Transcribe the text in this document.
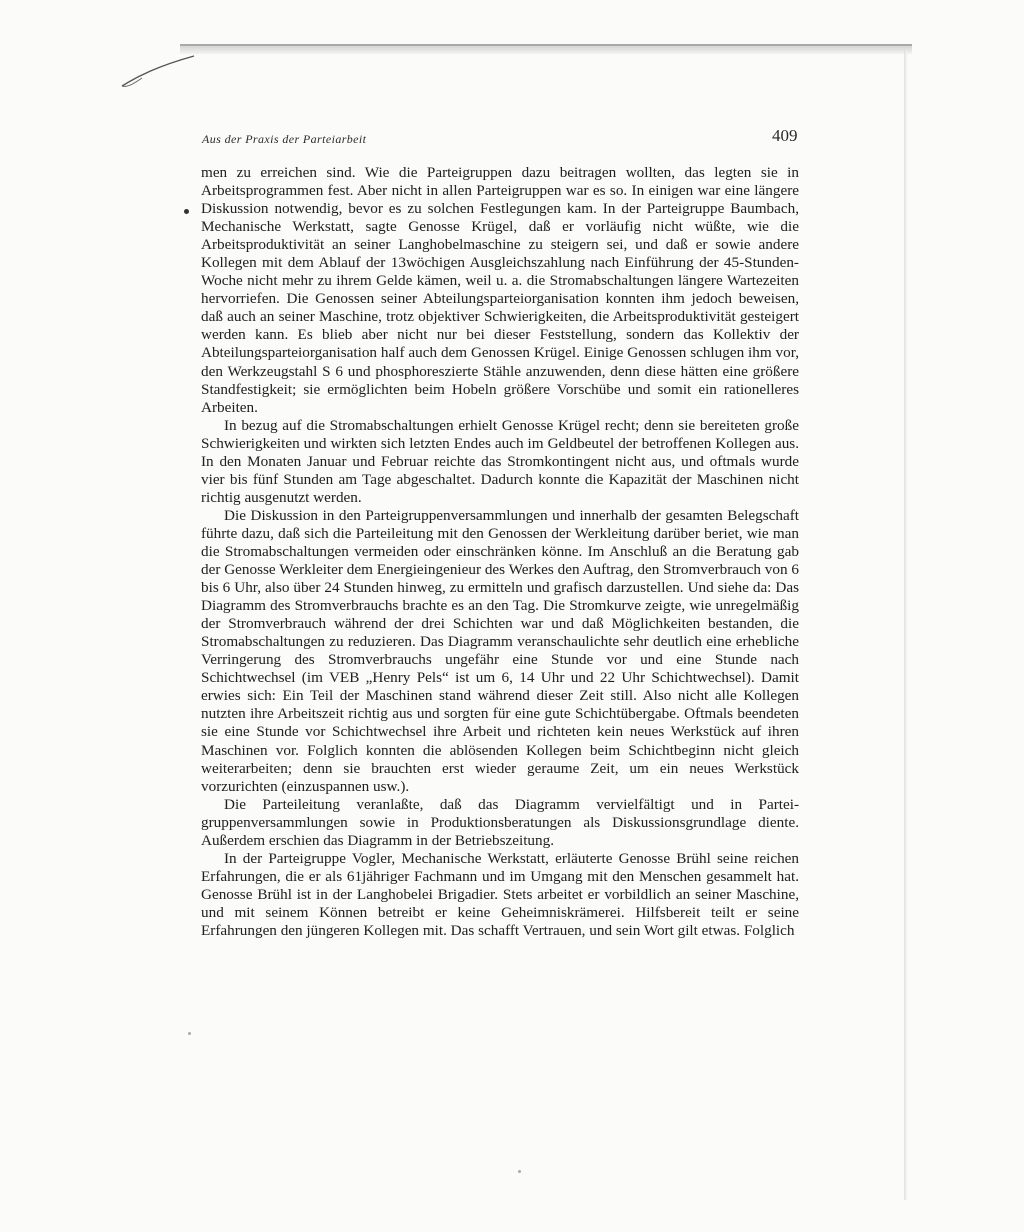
Aus der Praxis der Parteiarbeit	409

men zu erreichen sind. Wie die Parteigruppen dazu beitragen wollten, das legten sie in Arbeitsprogrammen fest. Aber nicht in allen Parteigruppen war es so. In einigen war eine längere Diskussion notwendig, bevor es zu solchen Festlegungen kam. In der Parteigruppe Baumbach, Mechanische Werkstatt, sagte Genosse Krügel, daß er vorläufig nicht wüßte, wie die Arbeitsproduktivität an seiner Langhobelmaschine zu steigern sei, und daß er sowie andere Kollegen mit dem Ablauf der 13wöchigen Ausgleichszahlung nach Einführung der 45-Stunden-Woche nicht mehr zu ihrem Gelde kämen, weil u. a. die Stromabschaltungen längere Wartezeiten hervorriefen. Die Genossen seiner Abteilungsparteiorganisation konnten ihm jedoch beweisen, daß auch an seiner Maschine, trotz objektiver Schwierigkeiten, die Arbeitsproduktivität gesteigert werden kann. Es blieb aber nicht nur bei dieser Feststellung, sondern das Kollektiv der Abteilungsparteiorganisation half auch dem Genossen Krügel. Einige Genossen schlugen ihm vor, den Werkzeugstahl S 6 und phosphoreszierte Stähle anzuwenden, denn diese hätten eine größere Standfestigkeit; sie ermöglichten beim Hobeln größere Vorschübe und somit ein rationelleres Arbeiten.

In bezug auf die Stromabschaltungen erhielt Genosse Krügel recht; denn sie bereiteten große Schwierigkeiten und wirkten sich letzten Endes auch im Geldbeutel der betroffenen Kollegen aus. In den Monaten Januar und Februar reichte das Stromkontingent nicht aus, und oftmals wurde vier bis fünf Stunden am Tage abgeschaltet. Dadurch konnte die Kapazität der Maschinen nicht richtig ausgenutzt werden.

Die Diskussion in den Parteigruppenversammlungen und innerhalb der gesamten Belegschaft führte dazu, daß sich die Parteileitung mit den Genossen der Werkleitung darüber beriet, wie man die Stromabschaltungen vermeiden oder einschränken könne. Im Anschluß an die Beratung gab der Genosse Werkleiter dem Energieingenieur des Werkes den Auftrag, den Stromverbrauch von 6 bis 6 Uhr, also über 24 Stunden hinweg, zu ermitteln und grafisch darzustellen. Und siehe da: Das Diagramm des Stromverbrauchs brachte es an den Tag. Die Stromkurve zeigte, wie unregelmäßig der Stromverbrauch während der drei Schichten war und daß Möglichkeiten bestanden, die Stromabschaltungen zu reduzieren. Das Diagramm veranschaulichte sehr deutlich eine erhebliche Verringerung des Stromverbrauchs ungefähr eine Stunde vor und eine Stunde nach Schichtwechsel (im VEB „Henry Pels“ ist um 6, 14 Uhr und 22 Uhr Schichtwechsel). Damit erwies sich: Ein Teil der Maschinen stand während dieser Zeit still. Also nicht alle Kollegen nutzten ihre Arbeitszeit richtig aus und sorgten für eine gute Schichtübergabe. Oftmals beendeten sie eine Stunde vor Schichtwechsel ihre Arbeit und richteten kein neues Werkstück auf ihren Maschinen vor. Folglich konnten die ablösenden Kollegen beim Schichtbeginn nicht gleich weiterarbeiten; denn sie brauchten erst wieder geraume Zeit, um ein neues Werkstück vorzurichten (einzuspannen usw.).

Die Parteileitung veranlaßte, daß das Diagramm vervielfältigt und in Parteigruppenversammlungen sowie in Produktionsberatungen als Diskussionsgrundlage diente. Außerdem erschien das Diagramm in der Betriebszeitung.

In der Parteigruppe Vogler, Mechanische Werkstatt, erläuterte Genosse Brühl seine reichen Erfahrungen, die er als 61jähriger Fachmann und im Umgang mit den Menschen gesammelt hat. Genosse Brühl ist in der Langhobelei Brigadier. Stets arbeitet er vorbildlich an seiner Maschine, und mit seinem Können betreibt er keine Geheimniskrämerei. Hilfsbereit teilt er seine Erfahrungen den jüngeren Kollegen mit. Das schafft Vertrauen, und sein Wort gilt etwas. Folglich
